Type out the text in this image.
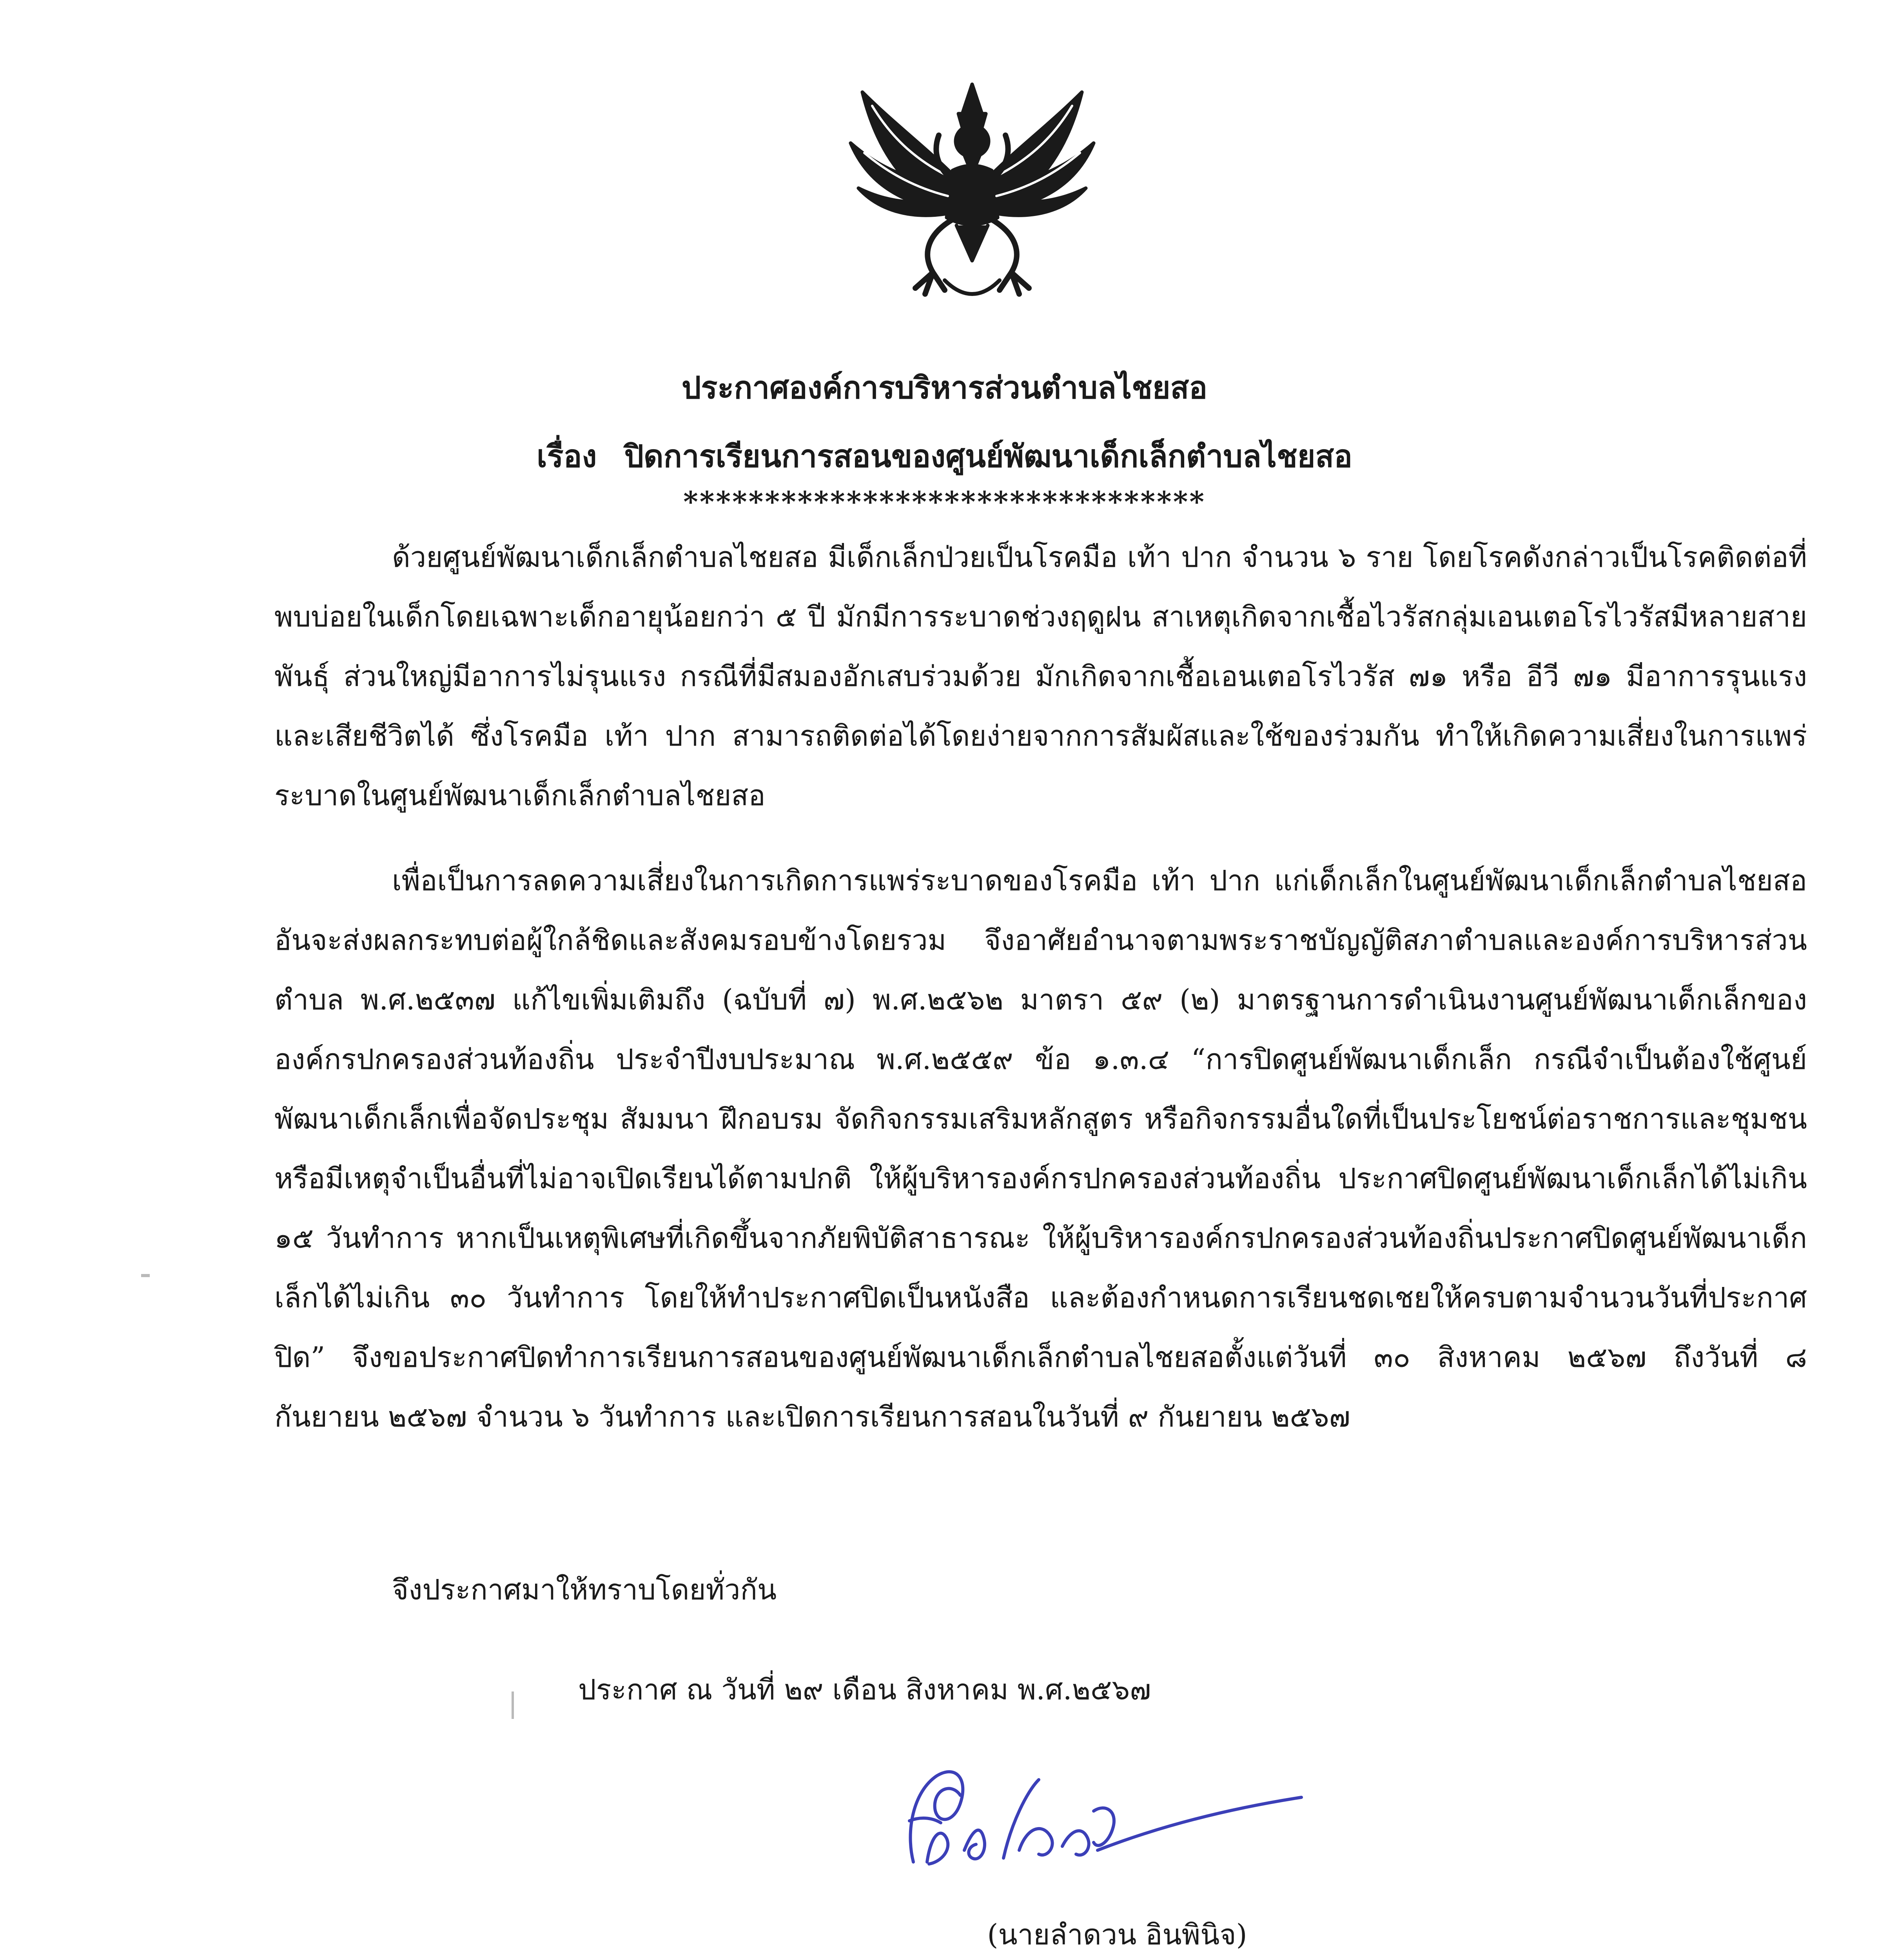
ประกาศองค์การบริหารส่วนตำบลไชยสอ
เรื่อง ปิดการเรียนการสอนของศูนย์พัฒนาเด็กเล็กตำบลไชยสอ
********************************
ด้วยศูนย์พัฒนาเด็กเล็กตำบลไชยสอ มีเด็กเล็กป่วยเป็นโรคมือ เท้า ปาก จำนวน ๖ ราย โดยโรคดังกล่าวเป็นโรคติดต่อที่พบบ่อยในเด็กโดยเฉพาะเด็กอายุน้อยกว่า ๕ ปี มักมีการระบาดช่วงฤดูฝน สาเหตุเกิดจากเชื้อไวรัสกลุ่มเอนเตอโรไวรัสมีหลายสายพันธุ์ ส่วนใหญ่มีอาการไม่รุนแรง กรณีที่มีสมองอักเสบร่วมด้วย มักเกิดจากเชื้อเอนเตอโรไวรัส ๗๑ หรือ อีวี ๗๑ มีอาการรุนแรงและเสียชีวิตได้ ซึ่งโรคมือ เท้า ปาก สามารถติดต่อได้โดยง่ายจากการสัมผัสและใช้ของร่วมกัน ทำให้เกิดความเสี่ยงในการแพร่ระบาดในศูนย์พัฒนาเด็กเล็กตำบลไชยสอ
เพื่อเป็นการลดความเสี่ยงในการเกิดการแพร่ระบาดของโรคมือ เท้า ปาก แก่เด็กเล็กในศูนย์พัฒนาเด็กเล็กตำบลไชยสอ อันจะส่งผลกระทบต่อผู้ใกล้ชิดและสังคมรอบข้างโดยรวม จึงอาศัยอำนาจตามพระราชบัญญัติสภาตำบลและองค์การบริหารส่วนตำบล พ.ศ.๒๕๓๗ แก้ไขเพิ่มเติมถึง (ฉบับที่ ๗) พ.ศ.๒๕๖๒ มาตรา ๕๙ (๒) มาตรฐานการดำเนินงานศูนย์พัฒนาเด็กเล็กขององค์กรปกครองส่วนท้องถิ่น ประจำปีงบประมาณ พ.ศ.๒๕๕๙ ข้อ ๑.๓.๔ “การปิดศูนย์พัฒนาเด็กเล็ก กรณีจำเป็นต้องใช้ศูนย์พัฒนาเด็กเล็กเพื่อจัดประชุม สัมมนา ฝึกอบรม จัดกิจกรรมเสริมหลักสูตร หรือกิจกรรมอื่นใดที่เป็นประโยชน์ต่อราชการและชุมชน หรือมีเหตุจำเป็นอื่นที่ไม่อาจเปิดเรียนได้ตามปกติ ให้ผู้บริหารองค์กรปกครองส่วนท้องถิ่น ประกาศปิดศูนย์พัฒนาเด็กเล็กได้ไม่เกิน ๑๕ วันทำการ หากเป็นเหตุพิเศษที่เกิดขึ้นจากภัยพิบัติสาธารณะ ให้ผู้บริหารองค์กรปกครองส่วนท้องถิ่นประกาศปิดศูนย์พัฒนาเด็กเล็กได้ไม่เกิน ๓๐ วันทำการ โดยให้ทำประกาศปิดเป็นหนังสือ และต้องกำหนดการเรียนชดเชยให้ครบตามจำนวนวันที่ประกาศปิด” จึงขอประกาศปิดทำการเรียนการสอนของศูนย์พัฒนาเด็กเล็กตำบลไชยสอตั้งแต่วันที่ ๓๐ สิงหาคม ๒๕๖๗ ถึงวันที่ ๘ กันยายน ๒๕๖๗ จำนวน ๖ วันทำการ และเปิดการเรียนการสอนในวันที่ ๙ กันยายน ๒๕๖๗
จึงประกาศมาให้ทราบโดยทั่วกัน
ประกาศ ณ วันที่ ๒๙ เดือน สิงหาคม พ.ศ.๒๕๖๗
(นายลำดวน อินพินิจ)
